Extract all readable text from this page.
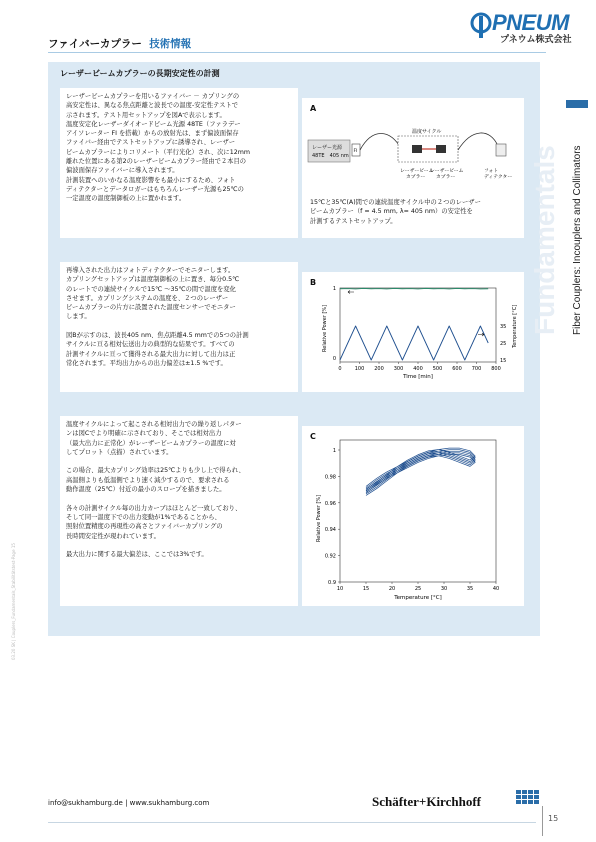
PNEUM
プネウム株式会社
ファイバーカプラー 技術情報
レーザービームカプラーの長期安定性の計測
Fundamentals Fiber Couplers: Incouplers and Collimators
レーザービームカプラーを用いるファイバー － カプリングの
高安定性は、異なる焦点距離と波長での温度-安定性テストで
示されます。テスト用セットアップを図Aで表示します。
温度安定化レーザーダイオードビーム光源 48TE（ファラデー
アイソレーター FI を搭載）からの放射光は、まず偏波面保存
ファイバー経由でテストセットアップに誘導され、レーザー
ビームカプラーによりコリメート（平行光化）され、次に12mm
離れた位置にある第2のレーザービームカプラー経由で２本目の
偏波面保存ファイバーに導入されます。
計測装置へのいかなる温度影響をも最小にするため、フォト
ディテクターとデータロガーはもちろんレーザー光源も25℃の
一定温度の温度制御板の上に置かれます。
A
レーザー光源
48TE　405 nm
FI
温度サイクル
レーザービーム
カプラー
レーザービーム
カプラー
フォト
ディテクター
15℃と35℃(A)間での連続温度サイクル中の２つのレーザー
ビームカプラー（f = 4.5 mm, λ= 405 nm）の安定性を
計測するテストセットアップ。
再導入された出力はフォトディテクターでモニターします。
カプリングセットアップは温度制御板の上に置き、毎分0.5℃
のレートでの連続サイクルで15℃ ～35℃の間で温度を変化
させます。カプリングシステムの温度を、２つのレーザー
ビームカプラーの片方に設置された温度センサーでモニター
します。

図Bが示すのは、波長405 nm、焦点距離4.5 mmでの5つの計測
サイクルに亘る相対伝送出力の典型的な結果です。すべての
計測サイクルに亘って獲得される最大出力に対して出力は正
常化されます。平均出力からの出力偏差は±1.5 %です。
B
0	100 200 300 400 500 600 700 800
Time [min]
Relative Power [%]	Temperature [°C]
1
0
35
25
15
温度サイクルによって起こされる相対出力での繰り返しパター
ンは図Cでより明確に示されており、そこでは相対出力
（最大出力に正常化）がレーザービームカプラーの温度に対
してプロット（点描）されています。

この場合、最大カプリング効率は25℃よりも少し上で得られ、
高温側よりも低温側でより速く減少するので、要求される
動作温度（25℃）付近の最小のスロープを描きました。

各々の計測サイクル毎の出力カーブはほとんど一致しており、
そして同一温度下での出力変動が1%であることから、
照射位置精度の再現性の高さとファイバーカプリングの
長時間安定性が現われています。

最大出力に関する最大偏差は、ここでは3%です。
C
10	15	20	25	30	35	40
1
0.98
0.96
0.94
0.92
0.9
Temperature [°C]
Relative Power [%]
03.20 SK | Couplers_Fundamentals_Stabilitätstest-Page 15
info@sukhamburg.de | www.sukhamburg.com	Schäfter+Kirchhoff
15
